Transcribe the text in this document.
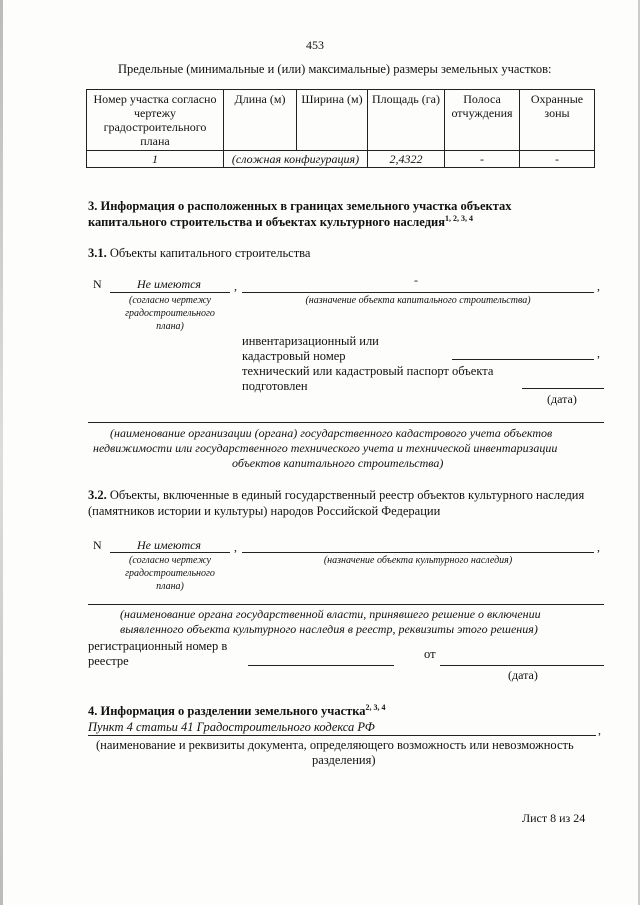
453
Предельные (минимальные и (или) максимальные) размеры земельных участков:
Номер участка согласно чертежу градостроительного плана	Длина (м)	Ширина (м)	Площадь (га)	Полоса отчуждения	Охранные зоны
1	(сложная конфигурация)		2,4322	-	-
3. Информация о расположенных в границах земельного участка объектах
капитального строительства и объектах культурного наследия$^{1, 2, 3, 4}$
3.1. Объекты капитального строительства
N	Не имеются	,	-	,
(согласно чертежу
градостроительного
плана)
(назначение объекта капитального строительства)
инвентаризационный или
кадастровый номер	,
технический или кадастровый паспорт объекта
подготовлен
(дата)
(наименование организации (органа) государственного кадастрового учета объектов
недвижимости или государственного технического учета и технической инвентаризации
объектов капитального строительства)
3.2. Объекты, включенные в единый государственный реестр объектов культурного наследия
(памятников истории и культуры) народов Российской Федерации
N	Не имеются	,	,
(согласно чертежу
градостроительного
плана)
(назначение объекта культурного наследия)
(наименование органа государственной власти, принявшего решение о включении
выявленного объекта культурного наследия в реестр, реквизиты этого решения)
регистрационный номер в
реестре	от
(дата)
4. Информация о разделении земельного участка$^{2, 3, 4}$
Пункт 4 статьи 41 Градостроительного кодекса РФ	,
(наименование и реквизиты документа, определяющего возможность или невозможность
разделения)
Лист 8 из 24
